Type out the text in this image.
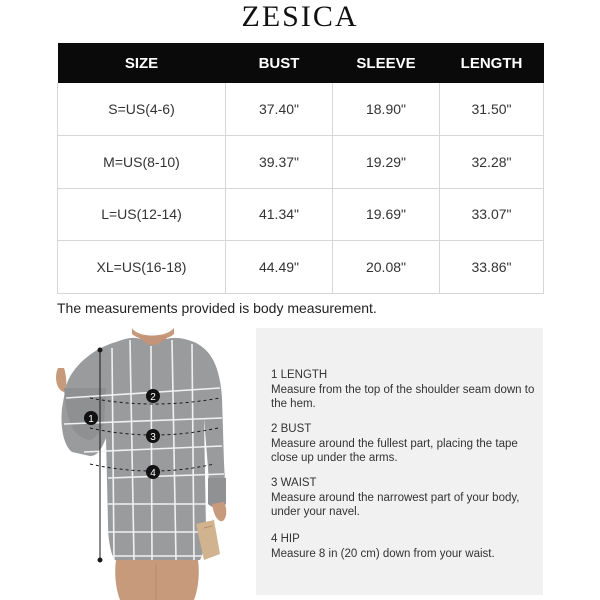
ZESICA
SIZE	BUST	SLEEVE	LENGTH
S=US(4-6)	37.40"	18.90"	31.50"
M=US(8-10)	39.37"	19.29"	32.28"
L=US(12-14)	41.34"	19.69"	33.07"
XL=US(16-18)	44.49"	20.08"	33.86"
The measurements provided is body measurement.
1
2
3
4
1 LENGTH
Measure from the top of the shoulder seam down to the hem.
2 BUST
Measure around the fullest part, placing the tape close up under the arms.
3 WAIST
Measure around the narrowest part of your body, under your navel.
4 HIP
Measure 8 in (20 cm) down from your waist.
